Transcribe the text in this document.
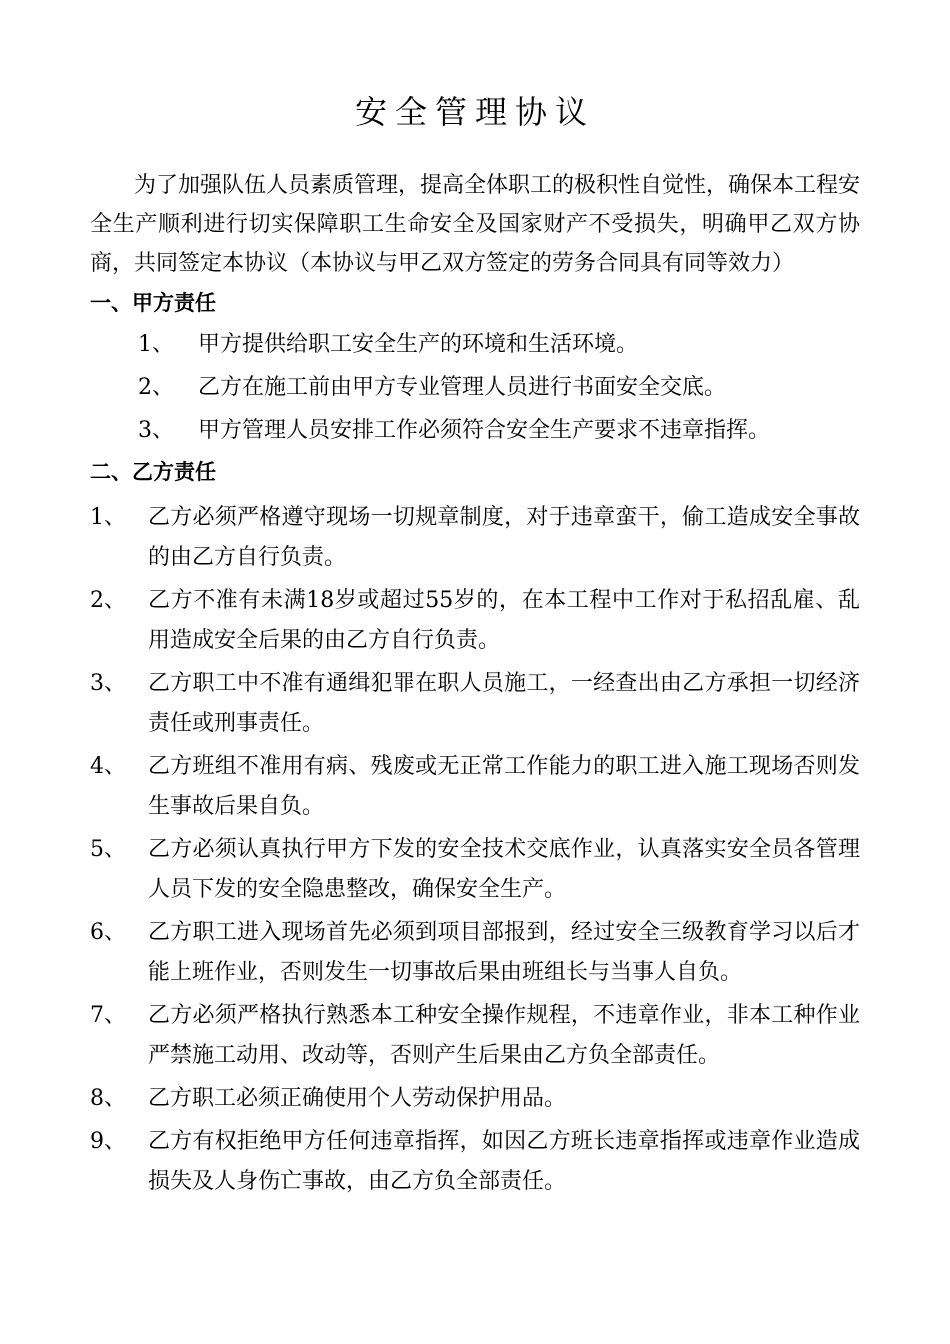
安全管理协议

为了加强队伍人员素质管理，提高全体职工的极积性自觉性，确保本工程安全生产顺利进行切实保障职工生命安全及国家财产不受损失，明确甲乙双方协商，共同签定本协议（本协议与甲乙双方签定的劳务合同具有同等效力）

一、甲方责任
1、	甲方提供给职工安全生产的环境和生活环境。
2、	乙方在施工前由甲方专业管理人员进行书面安全交底。
3、	甲方管理人员安排工作必须符合安全生产要求不违章指挥。
二、乙方责任
1、	乙方必须严格遵守现场一切规章制度，对于违章蛮干，偷工造成安全事故的由乙方自行负责。
2、	乙方不准有未满18岁或超过55岁的，在本工程中工作对于私招乱雇、乱用造成安全后果的由乙方自行负责。
3、	乙方职工中不准有通缉犯罪在职人员施工，一经查出由乙方承担一切经济责任或刑事责任。
4、	乙方班组不准用有病、残废或无正常工作能力的职工进入施工现场否则发生事故后果自负。
5、	乙方必须认真执行甲方下发的安全技术交底作业，认真落实安全员各管理人员下发的安全隐患整改，确保安全生产。
6、	乙方职工进入现场首先必须到项目部报到，经过安全三级教育学习以后才能上班作业，否则发生一切事故后果由班组长与当事人自负。
7、	乙方必须严格执行熟悉本工种安全操作规程，不违章作业，非本工种作业严禁施工动用、改动等，否则产生后果由乙方负全部责任。
8、	乙方职工必须正确使用个人劳动保护用品。
9、	乙方有权拒绝甲方任何违章指挥，如因乙方班长违章指挥或违章作业造成损失及人身伤亡事故，由乙方负全部责任。
